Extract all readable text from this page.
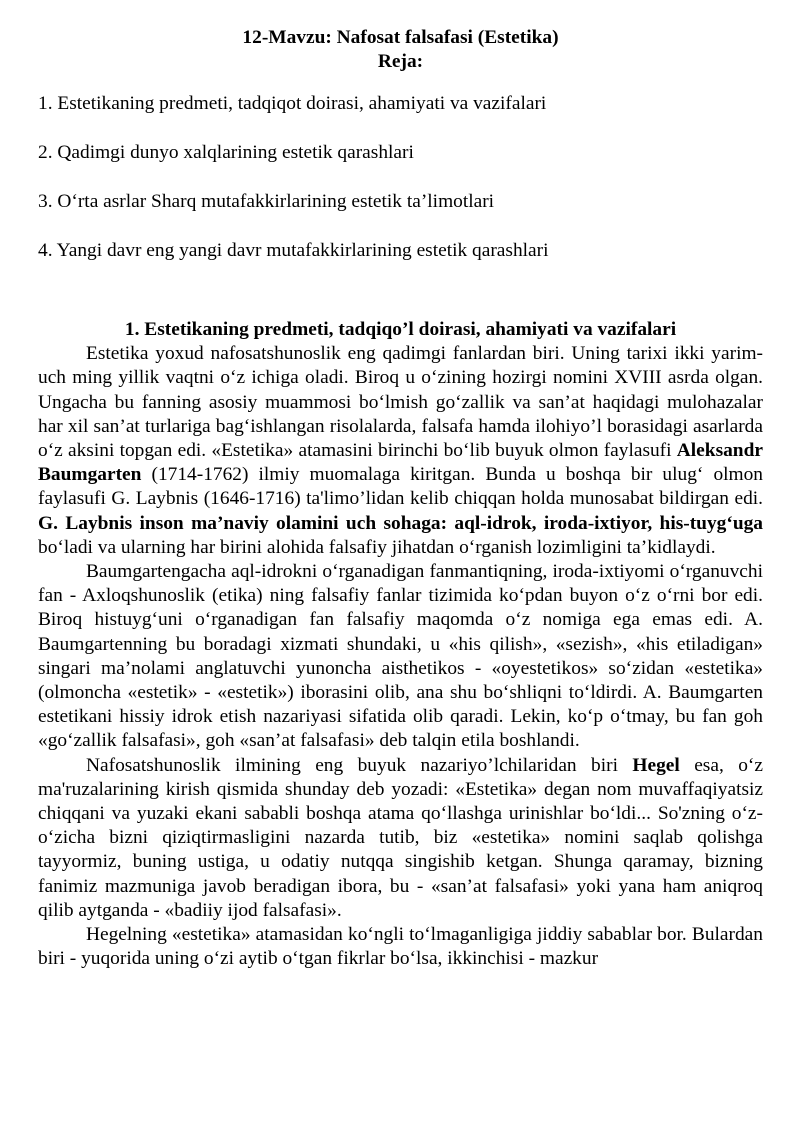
12-Mavzu: Nafosat falsafasi (Estetika)
Reja:
1. Estetikaning predmeti, tadqiqot doirasi, ahamiyati va vazifalari
2. Qadimgi dunyo xalqlarining estetik qarashlari
3. O‘rta asrlar Sharq mutafakkirlarining estetik ta’limotlari
4. Yangi davr eng yangi davr mutafakkirlarining estetik qarashlari
1. Estetikaning predmeti, tadqiqo’l doirasi, ahamiyati va vazifalari

Estetika yoxud nafosatshunoslik eng qadimgi fanlardan biri. Uning tarixi ikki yarim-uch ming yillik vaqtni o‘z ichiga oladi. Biroq u o‘zining hozirgi nomini XVIII asrda olgan. Ungacha bu fanning asosiy muammosi bo‘lmish go‘zallik va san’at haqidagi mulohazalar har xil san’at turlariga bag‘ishlangan risolalarda, falsafa hamda ilohiyo’l borasidagi asarlarda o‘z aksini topgan edi. «Estetika» atamasini birinchi bo‘lib buyuk olmon faylasufi Aleksandr Baumgarten (1714-1762) ilmiy muomalaga kiritgan. Bunda u boshqa bir ulug‘ olmon faylasufi G. Laybnis (1646-1716) ta'limo’lidan kelib chiqqan holda munosabat bildirgan edi. G. Laybnis inson ma’naviy olamini uch sohaga: aql-idrok, iroda-ixtiyor, his-tuyg‘uga bo‘ladi va ularning har birini alohida falsafiy jihatdan o‘rganish lozimligini ta’kidlaydi.

Baumgartengacha aql-idrokni o‘rganadigan fanmantiqning, iroda-ixtiyomi o‘rganuvchi fan - Axloqshunoslik (etika) ning falsafiy fanlar tizimida ko‘pdan buyon o‘z o‘rni bor edi. Biroq histuyg‘uni o‘rganadigan fan falsafiy maqomda o‘z nomiga ega emas edi. A. Baumgartenning bu boradagi xizmati shundaki, u «his qilish», «sezish», «his etiladigan» singari ma’nolami anglatuvchi yunoncha aisthetikos - «oyestetikos» so‘zidan «estetika» (olmoncha «estetik» - «estetik») iborasini olib, ana shu bo‘shliqni to‘ldirdi. A. Baumgarten estetikani hissiy idrok etish nazariyasi sifatida olib qaradi. Lekin, ko‘p o‘tmay, bu fan goh «go‘zallik falsafasi», goh «san’at falsafasi» deb talqin etila boshlandi.

Nafosatshunoslik ilmining eng buyuk nazariyo’lchilaridan biri Hegel esa, o‘z ma'ruzalarining kirish qismida shunday deb yozadi: «Estetika» degan nom muvaffaqiyatsiz chiqqani va yuzaki ekani sababli boshqa atama qo‘llashga urinishlar bo‘ldi... So'zning o‘z-o‘zicha bizni qiziqtirmasligini nazarda tutib, biz «estetika» nomini saqlab qolishga tayyormiz, buning ustiga, u odatiy nutqqa singishib ketgan. Shunga qaramay, bizning fanimiz mazmuniga javob beradigan ibora, bu - «san’at falsafasi» yoki yana ham aniqroq qilib aytganda - «badiiy ijod falsafasi».

Hegelning «estetika» atamasidan ko‘ngli to‘lmaganligiga jiddiy sabablar bor. Bulardan biri - yuqorida uning o‘zi aytib o‘tgan fikrlar bo‘lsa, ikkinchisi - mazkur
